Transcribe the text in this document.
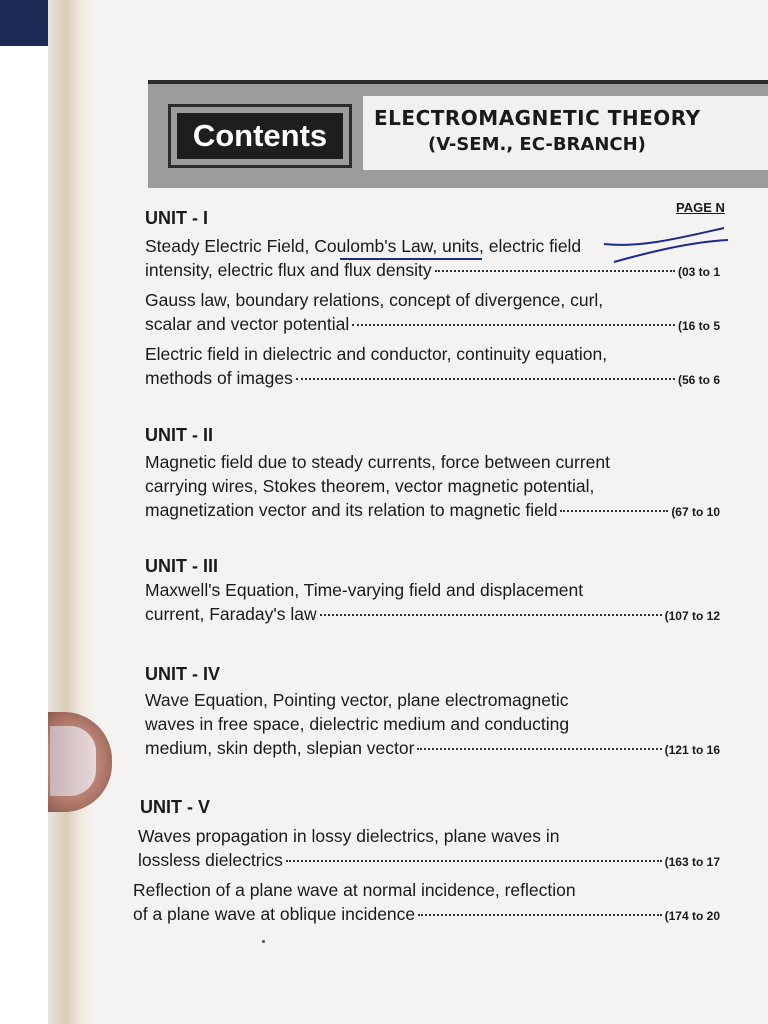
Contents ELECTROMAGNETIC THEORY
(V-SEM., EC-BRANCH)
PAGE N
UNIT - I
Steady Electric Field, Coulomb's Law, units, electric field
intensity, electric flux and flux density	(03 to 1
Gauss law, boundary relations, concept of divergence, curl,
scalar and vector potential	(16 to 5
Electric field in dielectric and conductor, continuity equation,
methods of images	(56 to 6
UNIT - II
Magnetic field due to steady currents, force between current
carrying wires, Stokes theorem, vector magnetic potential,
magnetization vector and its relation to magnetic field	(67 to 10
UNIT - III
Maxwell's Equation, Time-varying field and displacement
current, Faraday's law	(107 to 12
UNIT - IV
Wave Equation, Pointing vector, plane electromagnetic
waves in free space, dielectric medium and conducting
medium, skin depth, slepian vector	(121 to 16
UNIT - V
Waves propagation in lossy dielectrics, plane waves in
lossless dielectrics	(163 to 17
Reflection of a plane wave at normal incidence, reflection
of a plane wave at oblique incidence	(174 to 20
